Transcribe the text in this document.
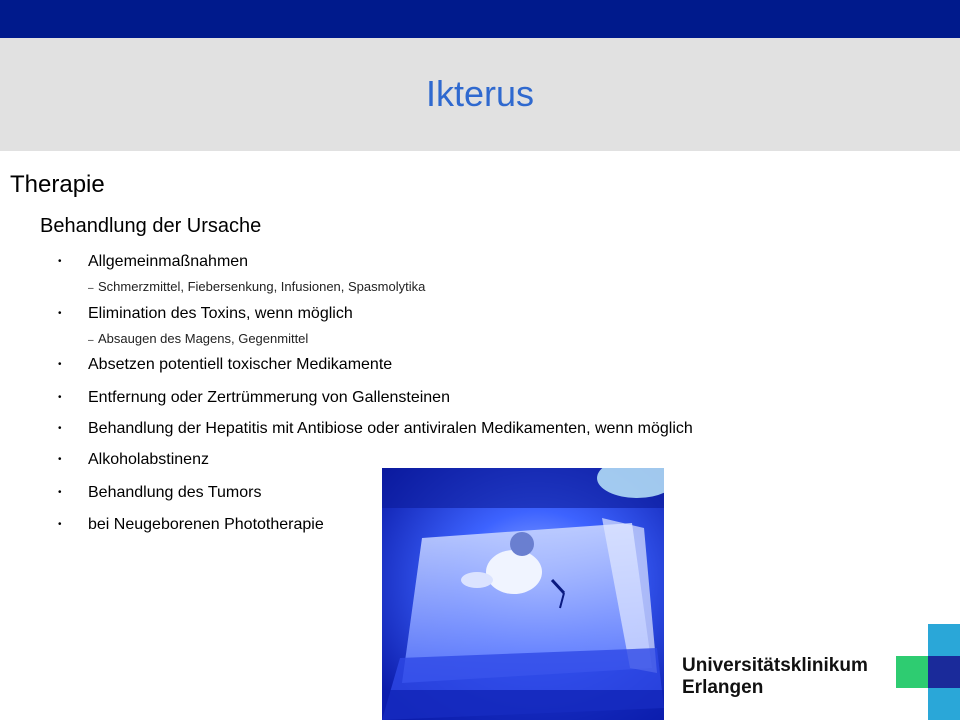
Ikterus
Therapie
Behandlung der Ursache
• Allgemeinmaßnahmen
– Schmerzmittel, Fiebersenkung, Infusionen, Spasmolytika
• Elimination des Toxins, wenn möglich
– Absaugen des Magens, Gegenmittel
• Absetzen potentiell toxischer Medikamente
• Entfernung oder Zertrümmerung von Gallensteinen
• Behandlung der Hepatitis mit Antibiose oder antiviralen Medikamenten, wenn möglich
• Alkoholabstinenz
• Behandlung des Tumors
• bei Neugeborenen Phototherapie
Universitätsklinikum
Erlangen
